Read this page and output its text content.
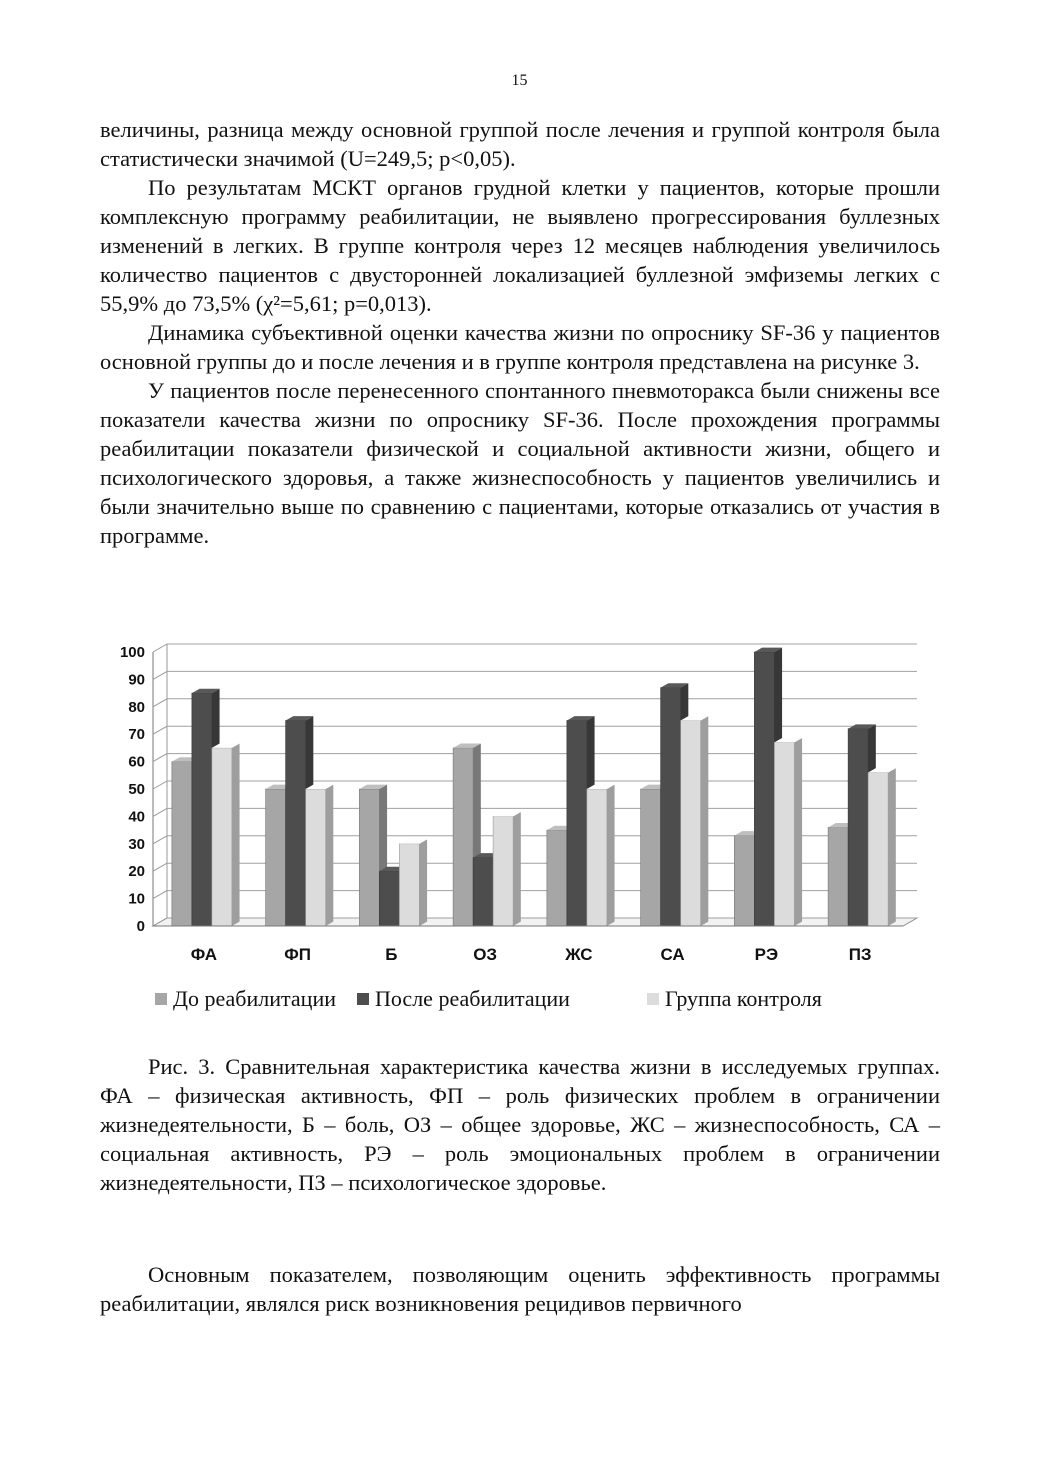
15

величины, разница между основной группой после лечения и группой контроля была статистически значимой (U=249,5; p<0,05).

По результатам МСКТ органов грудной клетки у пациентов, которые прошли комплексную программу реабилитации, не выявлено прогрессирования буллезных изменений в легких. В группе контроля через 12 месяцев наблюдения увеличилось количество пациентов с двусторонней локализацией буллезной эмфиземы легких с 55,9% до 73,5% (χ²=5,61; p=0,013).

Динамика субъективной оценки качества жизни по опроснику SF-36 у пациентов основной группы до и после лечения и в группе контроля представлена на рисунке 3.

У пациентов после перенесенного спонтанного пневмоторакса были снижены все показатели качества жизни по опроснику SF-36. После прохождения программы реабилитации показатели физической и социальной активности жизни, общего и психологического здоровья, а также жизнеспособность у пациентов увеличились и были значительно выше по сравнению с пациентами, которые отказались от участия в программе.

0
10
20
30
40
50
60
70
80
90
100
ФА	ФП	Б	ОЗ	ЖС	СА	РЭ	ПЗ
До реабилитации После реабилитации	Группа контроля

Рис. 3. Сравнительная характеристика качества жизни в исследуемых группах. ФА – физическая активность, ФП – роль физических проблем в ограничении жизнедеятельности, Б – боль, ОЗ – общее здоровье, ЖС – жизнеспособность, СА – социальная активность, РЭ – роль эмоциональных проблем в ограничении жизнедеятельности, ПЗ – психологическое здоровье.

Основным показателем, позволяющим оценить эффективность программы реабилитации, являлся риск возникновения рецидивов первичного
